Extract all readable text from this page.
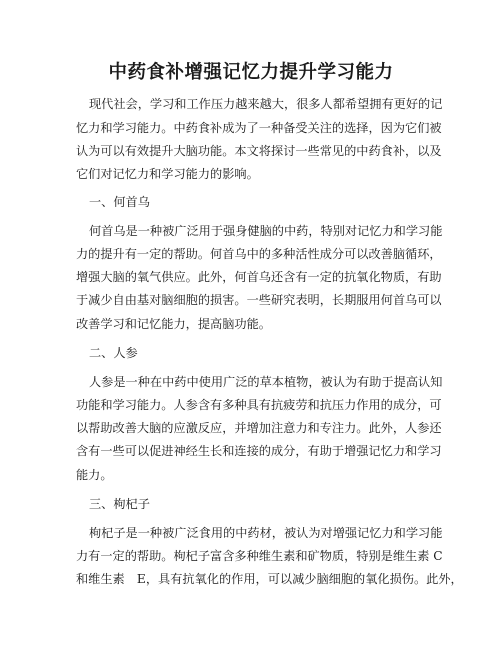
中药食补增强记忆力提升学习能力
现代社会，学习和工作压力越来越大，很多人都希望拥有更好的记
忆力和学习能力。中药食补成为了一种备受关注的选择，因为它们被
认为可以有效提升大脑功能。本文将探讨一些常见的中药食补，以及
它们对记忆力和学习能力的影响。
一、何首乌
何首乌是一种被广泛用于强身健脑的中药，特别对记忆力和学习能
力的提升有一定的帮助。何首乌中的多种活性成分可以改善脑循环，
增强大脑的氧气供应。此外，何首乌还含有一定的抗氧化物质，有助
于减少自由基对脑细胞的损害。一些研究表明，长期服用何首乌可以
改善学习和记忆能力，提高脑功能。
二、人参
人参是一种在中药中使用广泛的草本植物，被认为有助于提高认知
功能和学习能力。人参含有多种具有抗疲劳和抗压力作用的成分，可
以帮助改善大脑的应激反应，并增加注意力和专注力。此外，人参还
含有一些可以促进神经生长和连接的成分，有助于增强记忆力和学习
能力。
三、枸杞子
枸杞子是一种被广泛食用的中药材，被认为对增强记忆力和学习能
力有一定的帮助。枸杞子富含多种维生素和矿物质，特别是维生素 C
和维生素　E，具有抗氧化的作用，可以减少脑细胞的氧化损伤。此外，
